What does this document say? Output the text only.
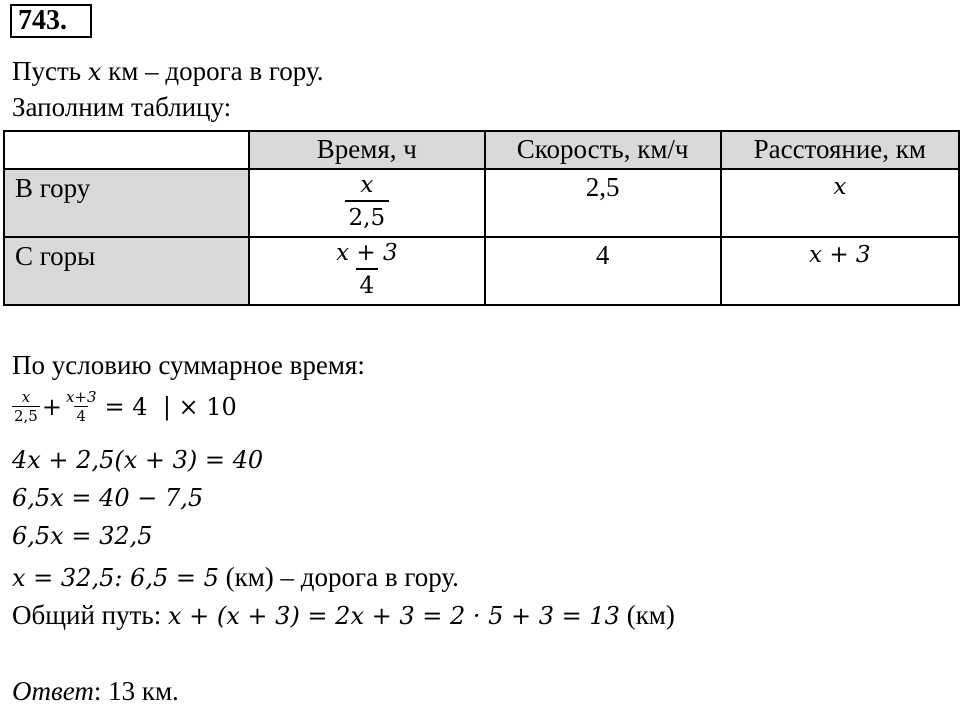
743.
Пусть x км – дорога в гору.
Заполним таблицу:
	Время, ч	Скорость, км/ч	Расстояние, км
В гору	$\frac{x}{2,5}$	2,5	x
С горы	$\frac{x + 3}{4}$	4	x + 3
По условию суммарное время:
$\frac{x}{2,5} + \frac{x+3}{4} = 4$  | × 10
4x + 2,5(x + 3) = 40
6,5x = 40 − 7,5
6,5x = 32,5
x = 32,5: 6,5 = 5 (км) – дорога в гору.
Общий путь: x + (x + 3) = 2x + 3 = 2 · 5 + 3 = 13 (км)
Ответ: 13 км.
